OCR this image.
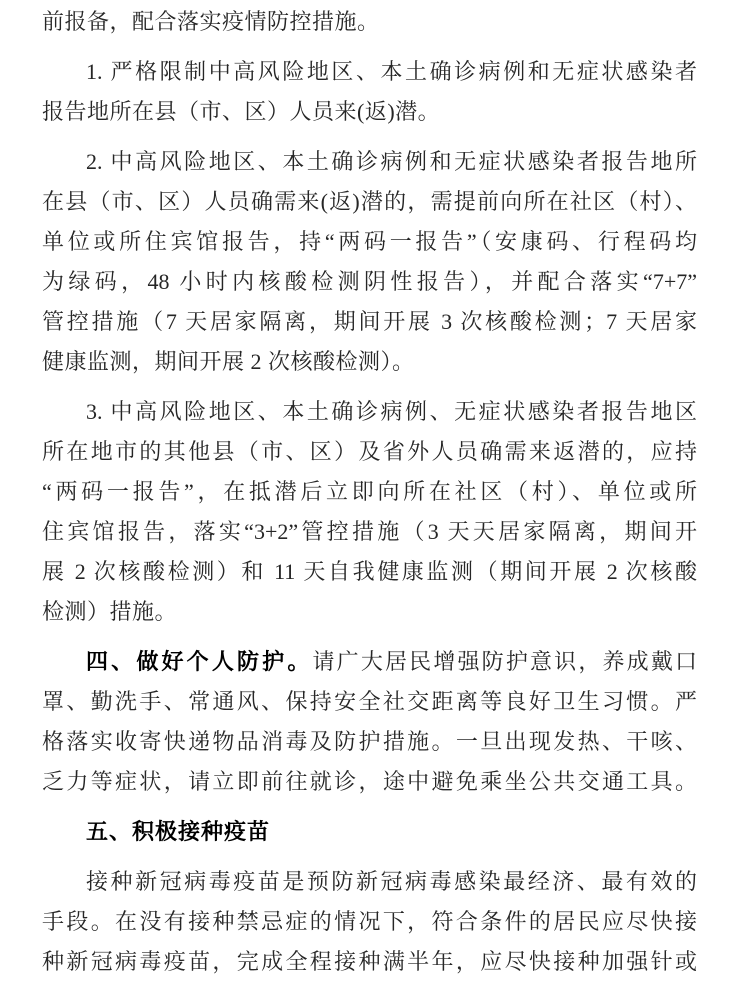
前报备，配合落实疫情防控措施。
1. 严格限制中高风险地区、本土确诊病例和无症状感染者
报告地所在县（市、区）人员来(返)潜。
2. 中高风险地区、本土确诊病例和无症状感染者报告地所
在县（市、区）人员确需来(返)潜的，需提前向所在社区（村）、
单位或所住宾馆报告，持“两码一报告”（安康码、行程码均
为绿码，48 小时内核酸检测阴性报告），并配合落实“7+7”
管控措施（7 天居家隔离，期间开展 3 次核酸检测；7 天居家
健康监测，期间开展 2 次核酸检测）。
3. 中高风险地区、本土确诊病例、无症状感染者报告地区
所在地市的其他县（市、区）及省外人员确需来返潜的，应持
“两码一报告”，在抵潜后立即向所在社区（村）、单位或所
住宾馆报告，落实“3+2”管控措施（3 天天居家隔离，期间开
展 2 次核酸检测）和 11 天自我健康监测（期间开展 2 次核酸
检测）措施。
四、做好个人防护。请广大居民增强防护意识，养成戴口
罩、勤洗手、常通风、保持安全社交距离等良好卫生习惯。严
格落实收寄快递物品消毒及防护措施。一旦出现发热、干咳、
乏力等症状，请立即前往就诊，途中避免乘坐公共交通工具。
五、积极接种疫苗
接种新冠病毒疫苗是预防新冠病毒感染最经济、最有效的
手段。在没有接种禁忌症的情况下，符合条件的居民应尽快接
种新冠病毒疫苗，完成全程接种满半年，应尽快接种加强针或
